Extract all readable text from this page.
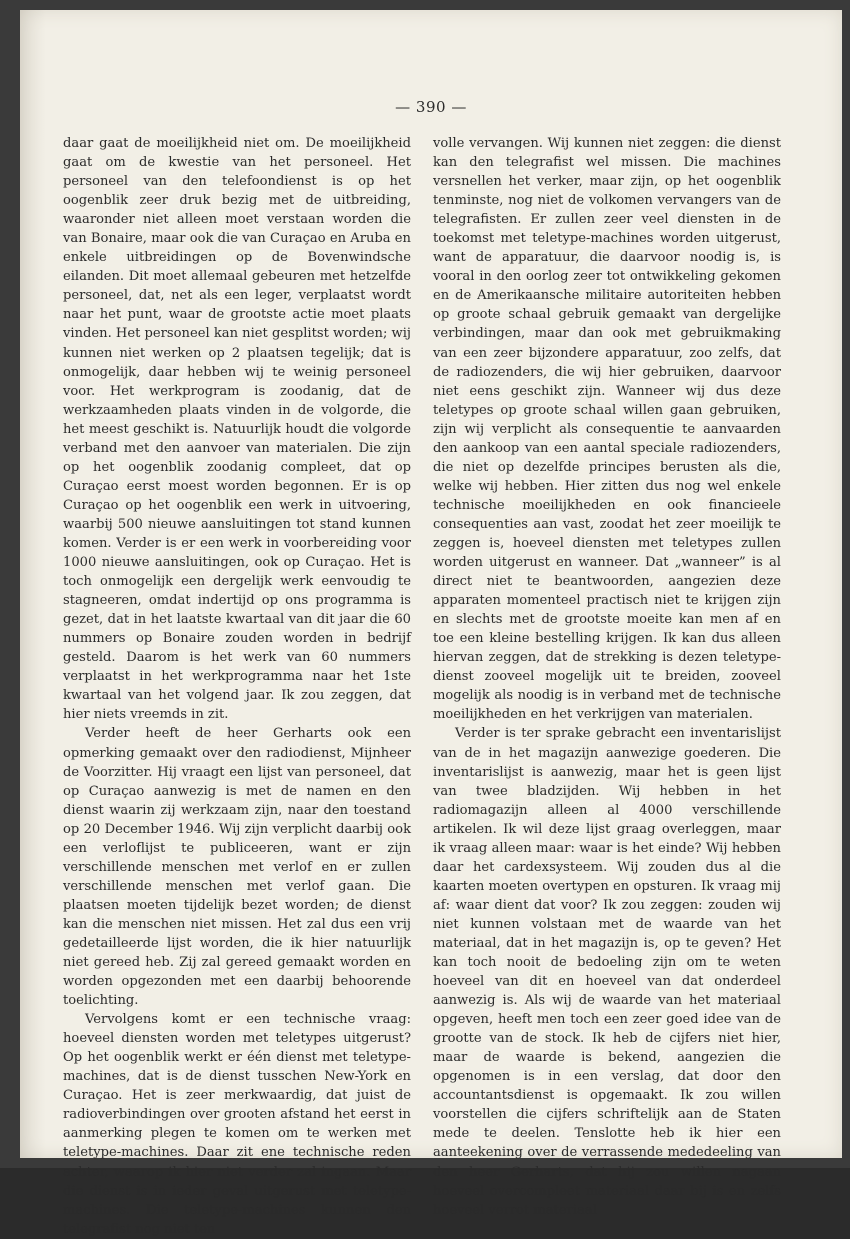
— 390 —

daar gaat de moeilijkheid niet om. De moeilijkheid gaat om de kwestie van het personeel. Het personeel van den telefoondienst is op het oogenblik zeer druk bezig met de uitbreiding, waaronder niet alleen moet verstaan worden die van Bonaire, maar ook die van Curaçao en Aruba en enkele uitbreidingen op de Bovenwindsche eilanden. Dit moet allemaal gebeuren met hetzelfde personeel, dat, net als een leger, verplaatst wordt naar het punt, waar de grootste actie moet plaats vinden. Het personeel kan niet gesplitst worden; wij kunnen niet werken op 2 plaatsen tegelijk; dat is onmogelijk, daar hebben wij te weinig personeel voor. Het werkprogram is zoodanig, dat de werkzaamheden plaats vinden in de volgorde, die het meest geschikt is. Natuurlijk houdt die volgorde verband met den aanvoer van materialen. Die zijn op het oogenblik zoodanig compleet, dat op Curaçao eerst moest worden begonnen. Er is op Curaçao op het oogenblik een werk in uitvoering, waarbij 500 nieuwe aansluitingen tot stand kunnen komen. Verder is er een werk in voorbereiding voor 1000 nieuwe aansluitingen, ook op Curaçao. Het is toch onmogelijk een dergelijk werk eenvoudig te stagneeren, omdat indertijd op ons programma is gezet, dat in het laatste kwartaal van dit jaar die 60 nummers op Bonaire zouden worden in bedrijf gesteld. Daarom is het werk van 60 nummers verplaatst in het werkprogramma naar het 1ste kwartaal van het volgend jaar. Ik zou zeggen, dat hier niets vreemds in zit.

Verder heeft de heer Gerharts ook een opmerking gemaakt over den radiodienst, Mijnheer de Voorzitter. Hij vraagt een lijst van personeel, dat op Curaçao aanwezig is met de namen en den dienst waarin zij werkzaam zijn, naar den toestand op 20 December 1946. Wij zijn verplicht daarbij ook een verloflijst te publiceeren, want er zijn verschillende menschen met verlof en er zullen verschillende menschen met verlof gaan. Die plaatsen moeten tijdelijk bezet worden; de dienst kan die menschen niet missen. Het zal dus een vrij gedetailleerde lijst worden, die ik hier natuurlijk niet gereed heb. Zij zal gereed gemaakt worden en worden opgezonden met een daarbij behoorende toelichting.

Vervolgens komt er een technische vraag: hoeveel diensten worden met teletypes uitgerust? Op het oogenblik werkt er één dienst met teletype-machines, dat is de dienst tusschen New-York en Curaçao. Het is zeer merkwaardig, dat juist de radioverbindingen over grooten afstand het eerst in aanmerking plegen te komen om te werken met teletype-machines. Daar zit ene technische reden achter, waarop ik hier niet verder zal ingaan. Maar die dienst is in ieder geval uitgerust met teletype-machines. Die teletype-machines kunnen den telegrafist nog niet ten

volle vervangen. Wij kunnen niet zeggen: die dienst kan den telegrafist wel missen. Die machines versnellen het verker, maar zijn, op het oogenblik tenminste, nog niet de volkomen vervangers van de telegrafisten. Er zullen zeer veel diensten in de toekomst met teletype-machines worden uitgerust, want de apparatuur, die daarvoor noodig is, is vooral in den oorlog zeer tot ontwikkeling gekomen en de Amerikaansche militaire autoriteiten hebben op groote schaal gebruik gemaakt van dergelijke verbindingen, maar dan ook met gebruikmaking van een zeer bijzondere apparatuur, zoo zelfs, dat de radiozenders, die wij hier gebruiken, daarvoor niet eens geschikt zijn. Wanneer wij dus deze teletypes op groote schaal willen gaan gebruiken, zijn wij verplicht als consequentie te aanvaarden den aankoop van een aantal speciale radiozenders, die niet op dezelfde principes berusten als die, welke wij hebben. Hier zitten dus nog wel enkele technische moeilijkheden en ook financieele consequenties aan vast, zoodat het zeer moeilijk te zeggen is, hoeveel diensten met teletypes zullen worden uitgerust en wanneer. Dat „wanneer” is al direct niet te beantwoorden, aangezien deze apparaten momenteel practisch niet te krijgen zijn en slechts met de grootste moeite kan men af en toe een kleine bestelling krijgen. Ik kan dus alleen hiervan zeggen, dat de strekking is dezen teletype-dienst zooveel mogelijk uit te breiden, zooveel mogelijk als noodig is in verband met de technische moeilijkheden en het verkrijgen van materialen.

Verder is ter sprake gebracht een inventarislijst van de in het magazijn aanwezige goederen. Die inventarislijst is aanwezig, maar het is geen lijst van twee bladzijden. Wij hebben in het radiomagazijn alleen al 4000 verschillende artikelen. Ik wil deze lijst graag overleggen, maar ik vraag alleen maar: waar is het einde? Wij hebben daar het cardexsysteem. Wij zouden dus al die kaarten moeten overtypen en opsturen. Ik vraag mij af: waar dient dat voor? Ik zou zeggen: zouden wij niet kunnen volstaan met de waarde van het materiaal, dat in het magazijn is, op te geven? Het kan toch nooit de bedoeling zijn om te weten hoeveel van dit en hoeveel van dat onderdeel aanwezig is. Als wij de waarde van het materiaal opgeven, heeft men toch een zeer goed idee van de grootte van de stock. Ik heb de cijfers niet hier, maar de waarde is bekend, aangezien die opgenomen is in een verslag, dat door den accountantsdienst is opgemaakt. Ik zou willen voorstellen die cijfers schriftelijk aan de Staten mede te deelen. Tenslotte heb ik hier een aanteekening over de verrassende mededeeling van den heer Gerharts, dat hij zou willen nagaan hoeveel overcompleet materiaal daar bij is en zelfs hoeveel verrot materiaal
